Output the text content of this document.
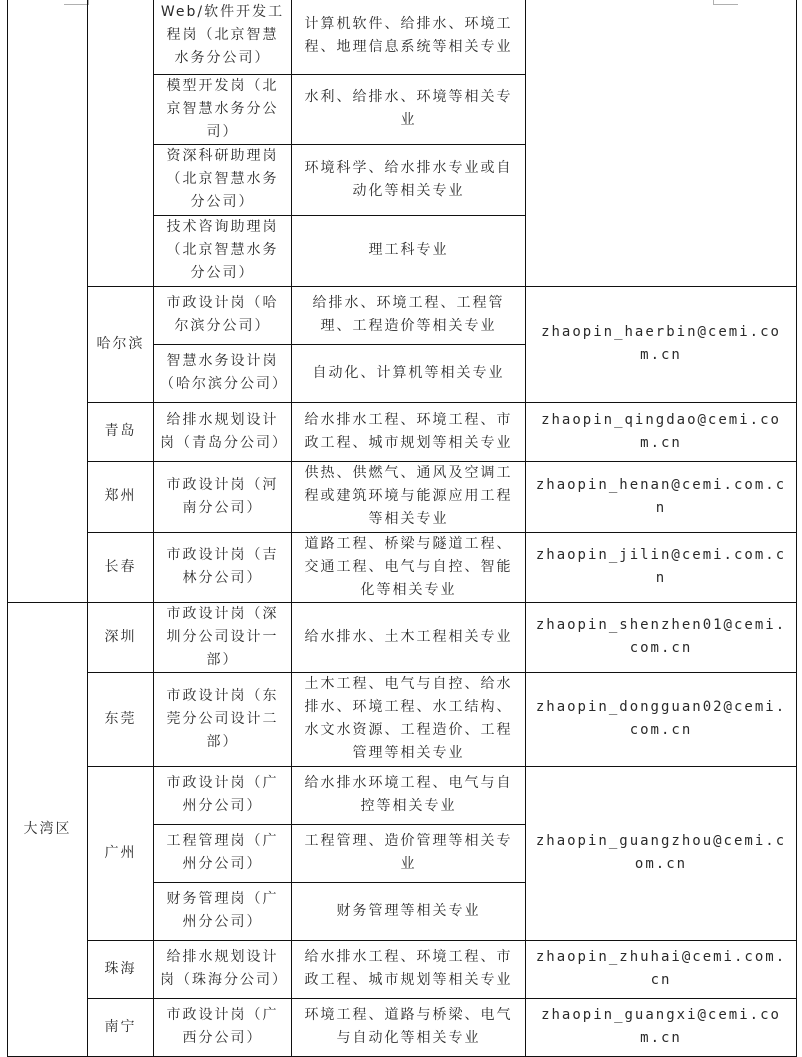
		Web/软件开发工程岗（北京智慧水务分公司）	计算机软件、给排水、环境工程、地理信息系统等相关专业	
		模型开发岗（北京智慧水务分公司）	水利、给排水、环境等相关专业	
		资深科研助理岗（北京智慧水务分公司）	环境科学、给水排水专业或自动化等相关专业	
		技术咨询助理岗（北京智慧水务分公司）	理工科专业	
	哈尔滨	市政设计岗（哈尔滨分公司）	给排水、环境工程、工程管理、工程造价等相关专业	zhaopin_haerbin@cemi.com.cn
		智慧水务设计岗（哈尔滨分公司）	自动化、计算机等相关专业	
	青岛	给排水规划设计岗（青岛分公司）	给水排水工程、环境工程、市政工程、城市规划等相关专业	zhaopin_qingdao@cemi.com.cn
	郑州	市政设计岗（河南分公司）	供热、供燃气、通风及空调工程或建筑环境与能源应用工程等相关专业	zhaopin_henan@cemi.com.cn
	长春	市政设计岗（吉林分公司）	道路工程、桥梁与隧道工程、交通工程、电气与自控、智能化等相关专业	zhaopin_jilin@cemi.com.cn
大湾区	深圳	市政设计岗（深圳分公司设计一部）	给水排水、土木工程相关专业	zhaopin_shenzhen01@cemi.com.cn
	东莞	市政设计岗（东莞分公司设计二部）	土木工程、电气与自控、给水排水、环境工程、水工结构、水文水资源、工程造价、工程管理等相关专业	zhaopin_dongguan02@cemi.com.cn
	广州	市政设计岗（广州分公司）	给水排水环境工程、电气与自控等相关专业	zhaopin_guangzhou@cemi.com.cn
		工程管理岗（广州分公司）	工程管理、造价管理等相关专业	
		财务管理岗（广州分公司）	财务管理等相关专业	
	珠海	给排水规划设计岗（珠海分公司）	给水排水工程、环境工程、市政工程、城市规划等相关专业	zhaopin_zhuhai@cemi.com.cn
	南宁	市政设计岗（广西分公司）	环境工程、道路与桥梁、电气与自动化等相关专业	zhaopin_guangxi@cemi.com.cn
